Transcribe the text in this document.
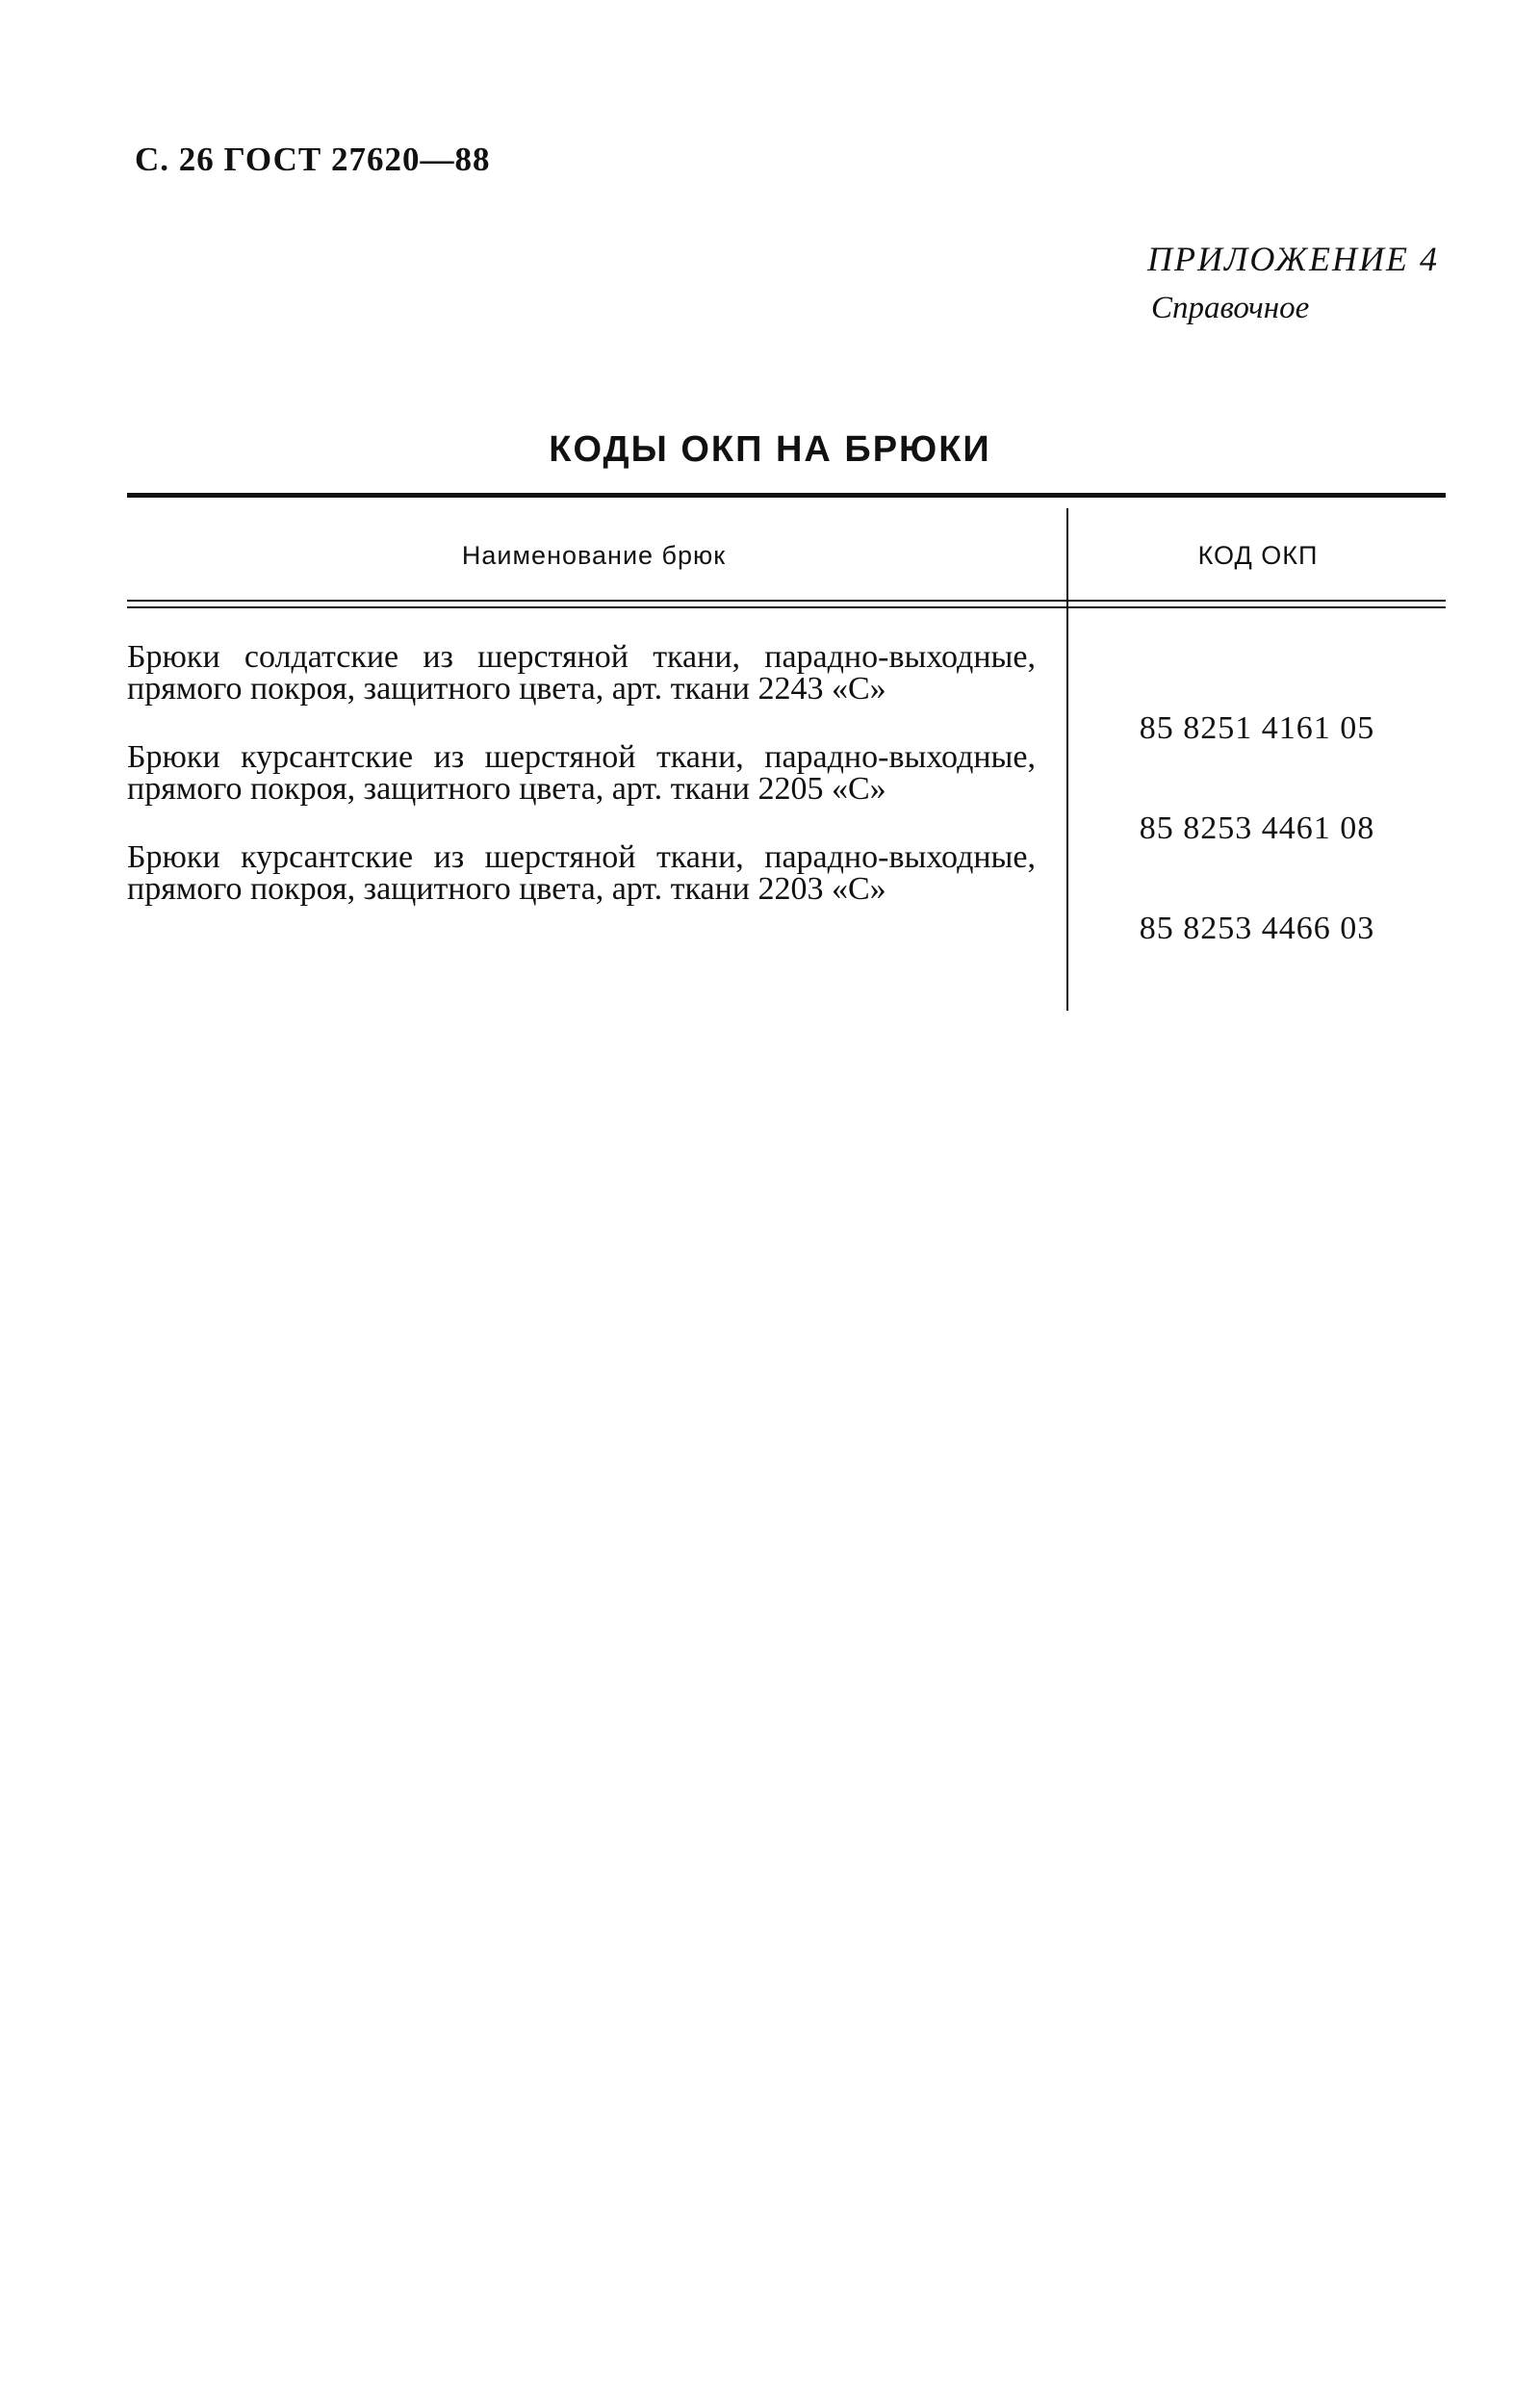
С. 26 ГОСТ 27620—88
ПРИЛОЖЕНИЕ 4
Справочное
КОДЫ ОКП НА БРЮКИ
Наименование брюк	КОД ОКП
Брюки солдатские из шерстяной ткани, парадно-выходные, прямого покроя, защитного цвета, арт. ткани 2243 «С»
85 8251 4161 05
Брюки курсантские из шерстяной ткани, парадно-выходные, прямого покроя, защитного цвета, арт. ткани 2205 «С»
85 8253 4461 08
Брюки курсантские из шерстяной ткани, парадно-выходные, прямого покроя, защитного цвета, арт. ткани 2203 «С»
85 8253 4466 03
